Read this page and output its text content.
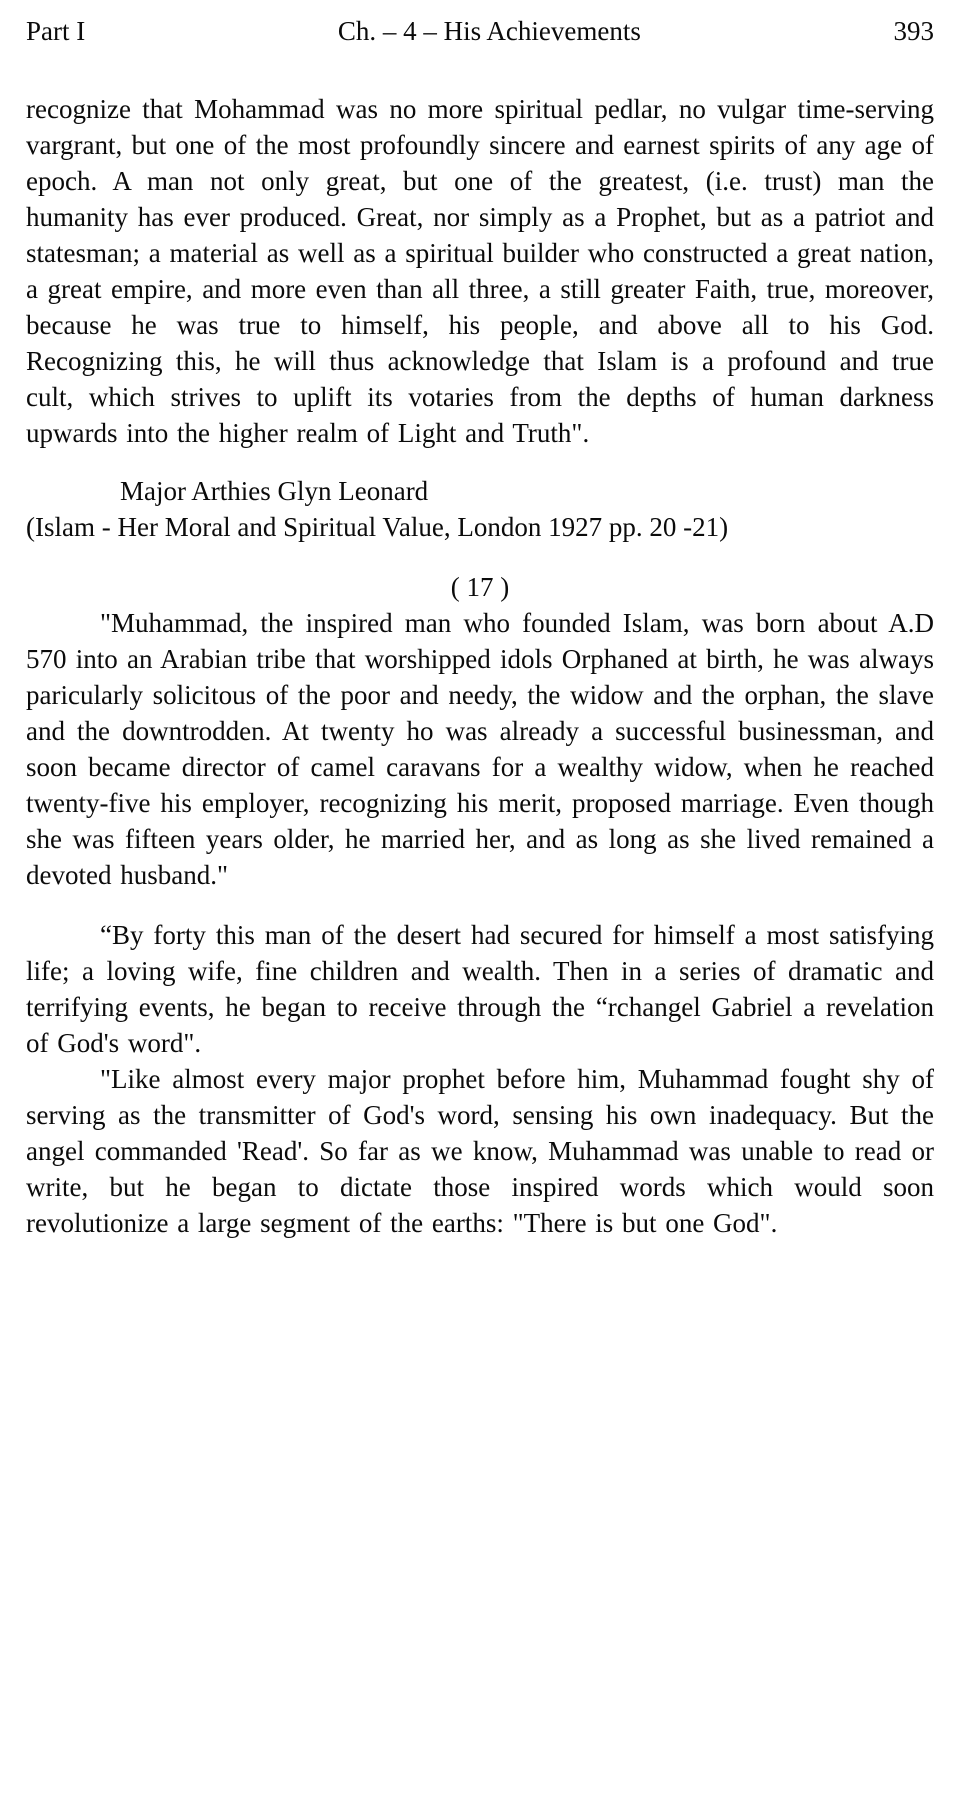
Part I	Ch. – 4 – His Achievements	393

recognize that Mohammad was no more spiritual pedlar, no vulgar time-serving vargrant, but one of the most profoundly sincere and earnest spirits of any age of epoch. A man not only great, but one of the greatest, (i.e. trust) man the humanity has ever produced. Great, nor simply as a Prophet, but as a patriot and statesman; a material as well as a spiritual builder who constructed a great nation, a great empire, and more even than all three, a still greater Faith, true, moreover, because he was true to himself, his people, and above all to his God. Recognizing this, he will thus acknowledge that Islam is a profound and true cult, which strives to uplift its votaries from the depths of human darkness upwards into the higher realm of Light and Truth".

Major Arthies Glyn Leonard

(Islam - Her Moral and Spiritual Value, London 1927 pp. 20 -21)

( 17 )

"Muhammad, the inspired man who founded Islam, was born about A.D 570 into an Arabian tribe that worshipped idols Orphaned at birth, he was always paricularly solicitous of the poor and needy, the widow and the orphan, the slave and the downtrodden. At twenty ho was already a successful businessman, and soon became director of camel caravans for a wealthy widow, when he reached twenty-five his employer, recognizing his merit, proposed marriage. Even though she was fifteen years older, he married her, and as long as she lived remained a devoted husband."

“By forty this man of the desert had secured for himself a most satisfying life; a loving wife, fine children and wealth. Then in a series of dramatic and terrifying events, he began to receive through the “rchangel Gabriel a revelation of God's word".

"Like almost every major prophet before him, Muhammad fought shy of serving as the transmitter of God's word, sensing his own inadequacy. But the angel commanded 'Read'. So far as we know, Muhammad was unable to read or write, but he began to dictate those inspired words which would soon revolutionize a large segment of the earths: "There is but one God".
